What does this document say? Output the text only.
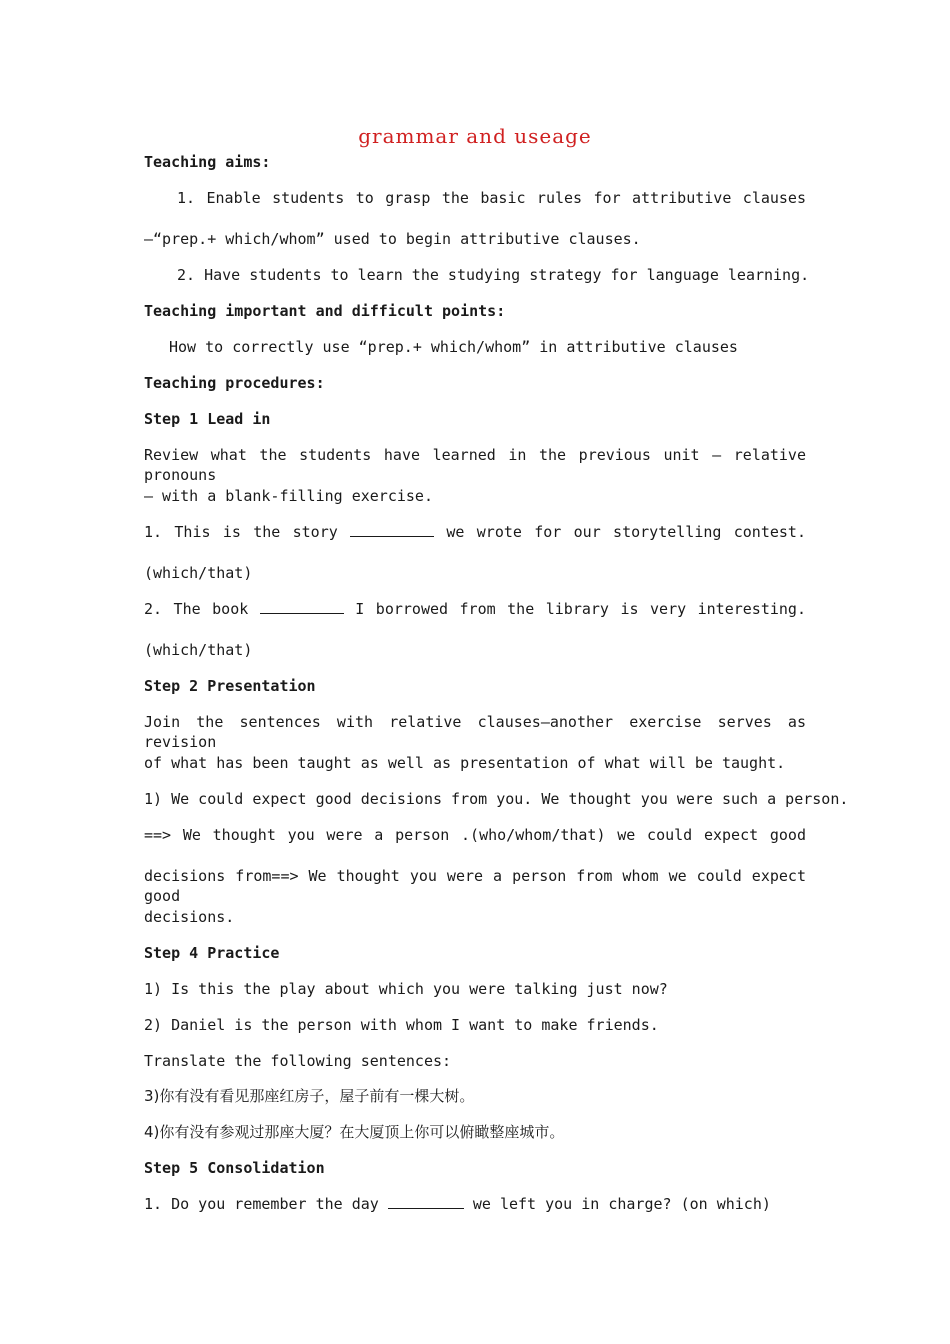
grammar and useage
Teaching aims:
1. Enable students to grasp the basic rules for attributive clauses
—“prep.+ which/whom” used to begin attributive clauses.
2. Have students to learn the studying strategy for language learning.
Teaching important and difficult points:
How to correctly use “prep.+ which/whom” in attributive clauses
Teaching procedures:
Step 1 Lead in
Review what the students have learned in the previous unit — relative pronouns
— with a blank-filling exercise.
1. This is the story	we wrote for our storytelling contest.
(which/that)
2. The book	I borrowed from the library is very interesting.
(which/that)
Step 2 Presentation
Join the sentences with relative clauses—another exercise serves as revision
of what has been taught as well as presentation of what will be taught.
1) We could expect good decisions from you. We thought you were such a person.
==> We thought you were a person .(who/whom/that) we could expect good
decisions from==> We thought you were a person from whom we could expect good
decisions.
Step 4 Practice
1) Is this the play about which you were talking just now?
2) Daniel is the person with whom I want to make friends.
Translate the following sentences:
3)你有没有看见那座红房子，屋子前有一棵大树。
4)你有没有参观过那座大厦？在大厦顶上你可以俯瞰整座城市。
Step 5 Consolidation
1. Do you remember the day	we left you in charge? (on which)
